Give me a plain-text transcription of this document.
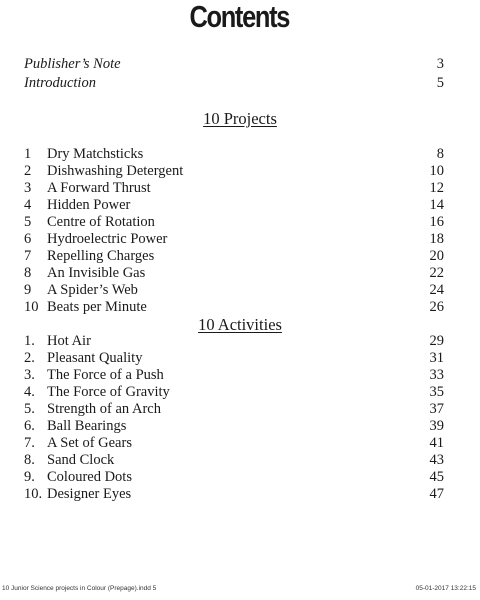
Contents
Publisher’s Note	3
Introduction	5
10 Projects
1 Dry Matchsticks	8
2 Dishwashing Detergent	10
3 A Forward Thrust	12
4 Hidden Power	14
5 Centre of Rotation	16
6 Hydroelectric Power	18
7 Repelling Charges	20
8 An Invisible Gas	22
9 A Spider’s Web	24
10 Beats per Minute	26
10 Activities
1. Hot Air	29
2. Pleasant Quality	31
3. The Force of a Push	33
4. The Force of Gravity	35
5. Strength of an Arch	37
6. Ball Bearings	39
7. A Set of Gears	41
8. Sand Clock	43
9. Coloured Dots	45
10. Designer Eyes	47
10 Junior Science projects in Colour (Prepage).indd 5	05-01-2017 13:22:15
